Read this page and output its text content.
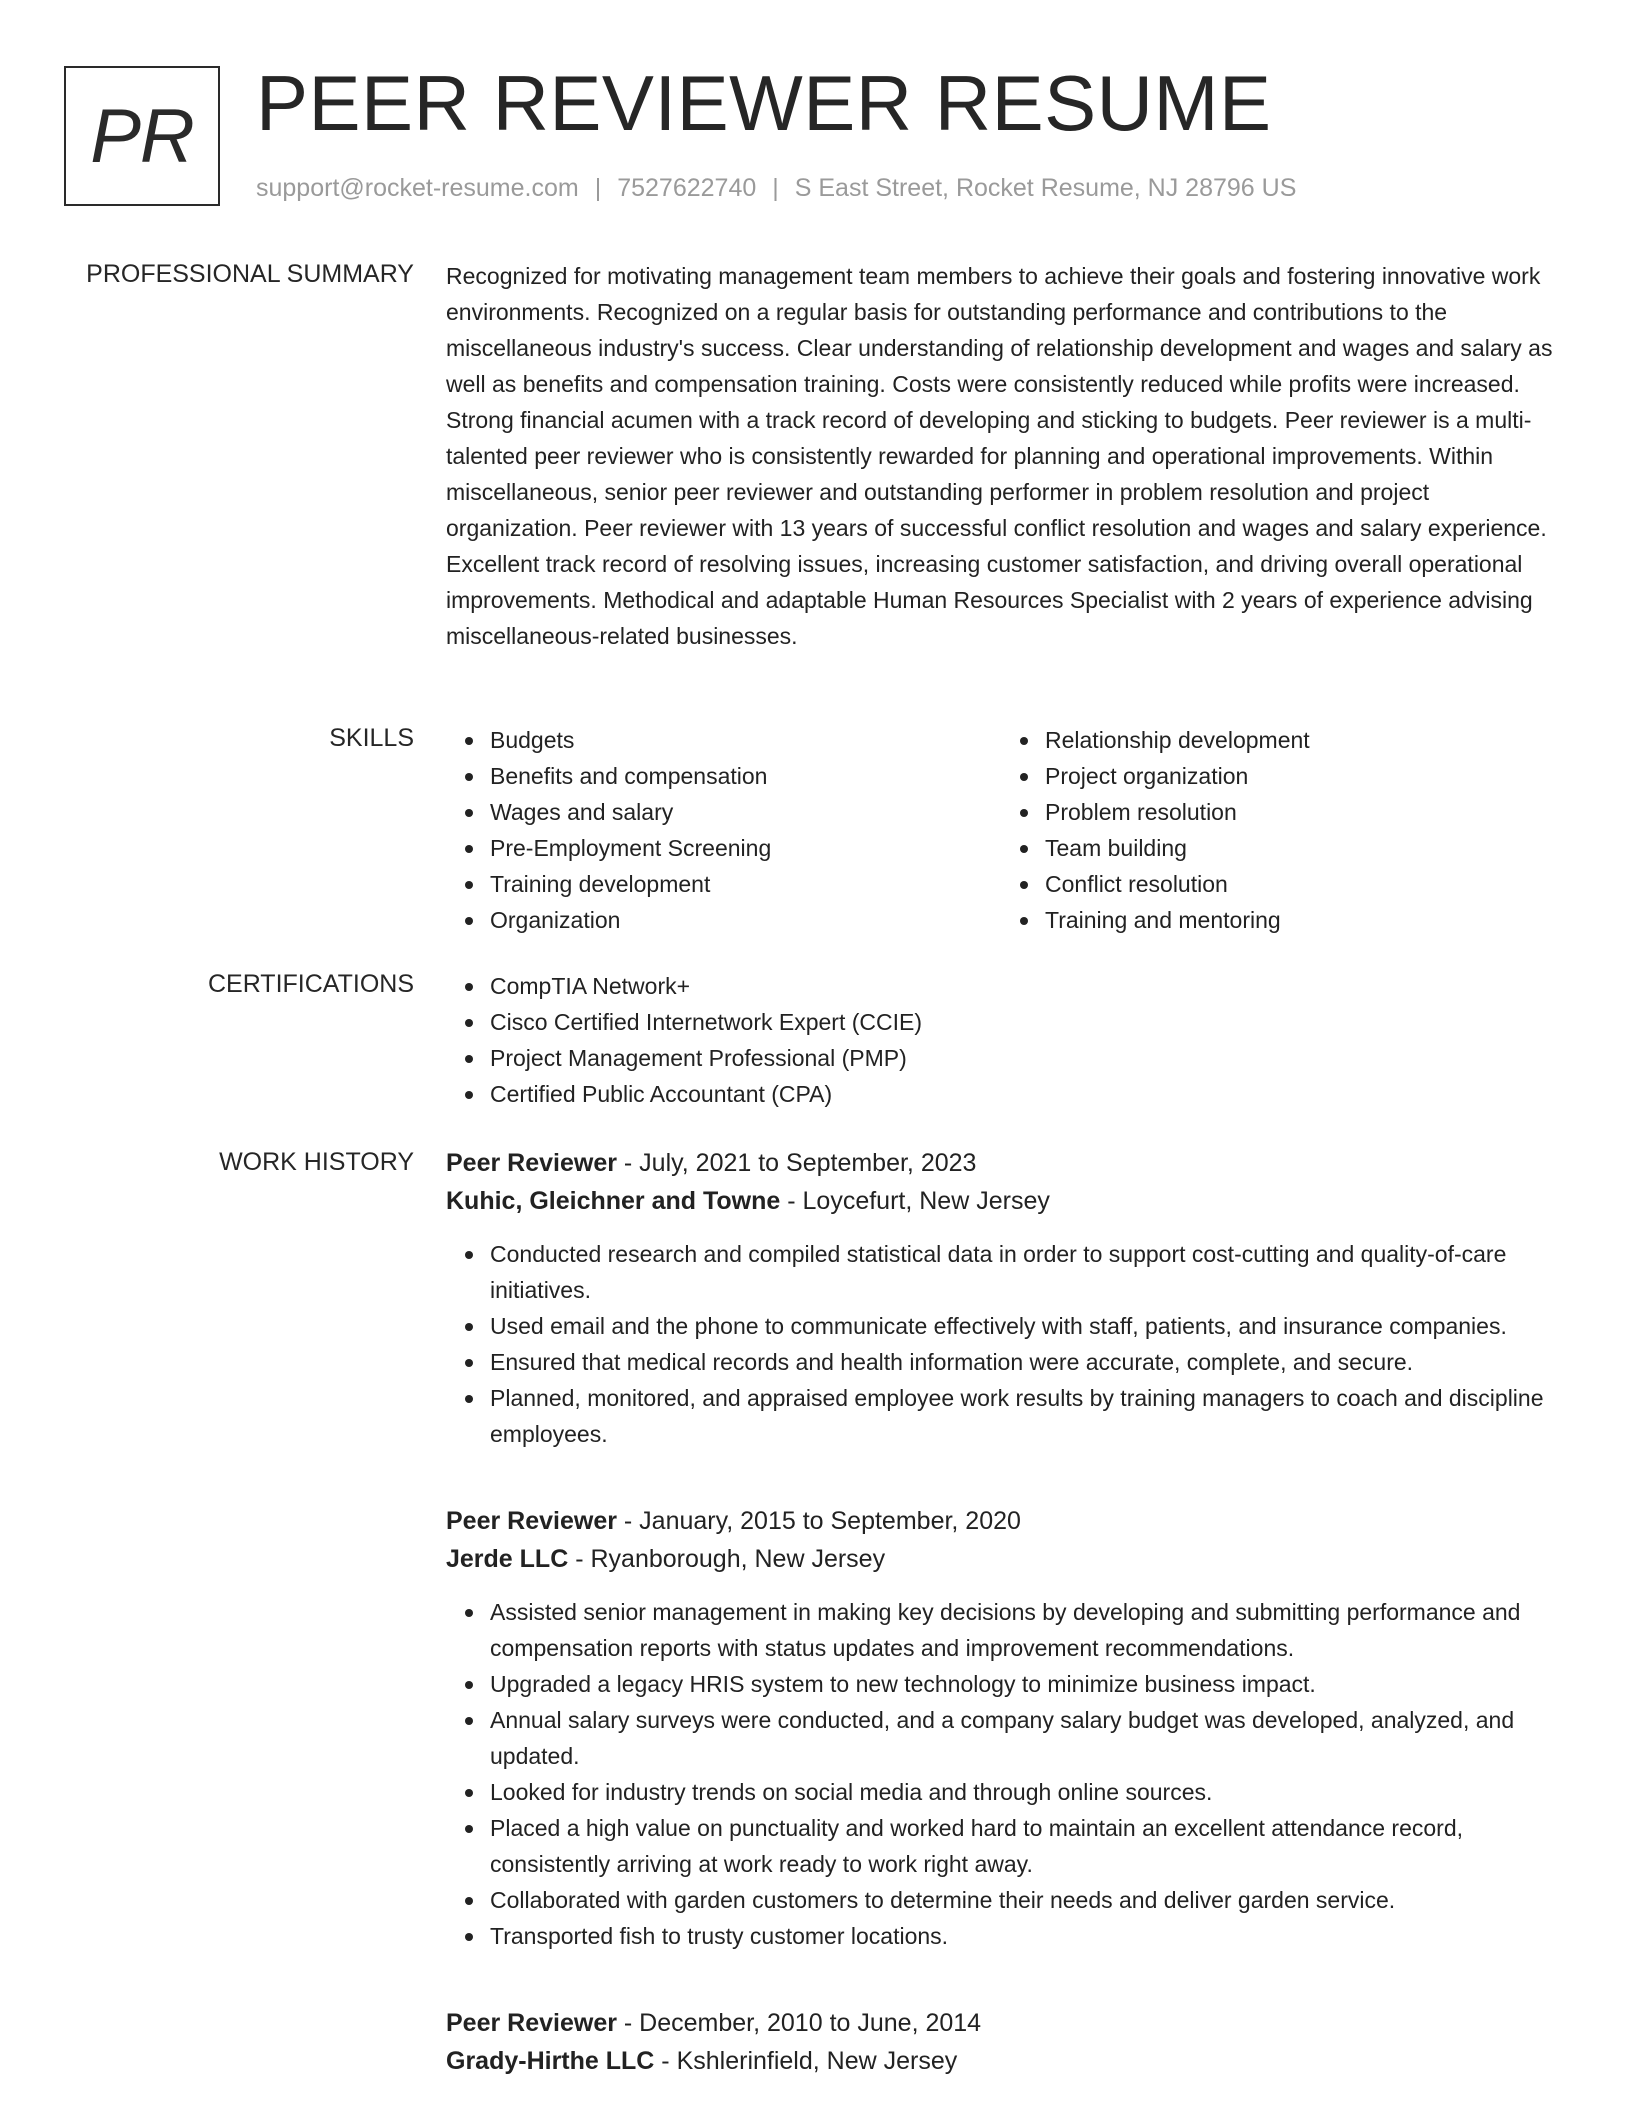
PR PEER REVIEWER RESUME
support@rocket-resume.com | 7527622740 | S East Street, Rocket Resume, NJ 28796 US
PROFESSIONAL SUMMARY Recognized for motivating management team members to achieve their goals and fostering innovative work environments. Recognized on a regular basis for outstanding performance and contributions to the miscellaneous industry's success. Clear understanding of relationship development and wages and salary as well as benefits and compensation training. Costs were consistently reduced while profits were increased. Strong financial acumen with a track record of developing and sticking to budgets. Peer reviewer is a multi-talented peer reviewer who is consistently rewarded for planning and operational improvements. Within miscellaneous, senior peer reviewer and outstanding performer in problem resolution and project organization. Peer reviewer with 13 years of successful conflict resolution and wages and salary experience. Excellent track record of resolving issues, increasing customer satisfaction, and driving overall operational improvements. Methodical and adaptable Human Resources Specialist with 2 years of experience advising miscellaneous-related businesses.

SKILLS	Budgets
Benefits and compensation
Wages and salary
Pre-Employment Screening
Training development
Organization
Relationship development
Project organization
Problem resolution
Team building
Conflict resolution
Training and mentoring
CERTIFICATIONS	CompTIA Network+
Cisco Certified Internetwork Expert (CCIE)
Project Management Professional (PMP)
Certified Public Accountant (CPA)
WORK HISTORY Peer Reviewer - July, 2021 to September, 2023
Kuhic, Gleichner and Towne - Loycefurt, New Jersey
Conducted research and compiled statistical data in order to support cost-cutting and quality-of-care initiatives.
Used email and the phone to communicate effectively with staff, patients, and insurance companies.
Ensured that medical records and health information were accurate, complete, and secure.
Planned, monitored, and appraised employee work results by training managers to coach and discipline employees.
Peer Reviewer - January, 2015 to September, 2020
Jerde LLC - Ryanborough, New Jersey
Assisted senior management in making key decisions by developing and submitting performance and compensation reports with status updates and improvement recommendations.
Upgraded a legacy HRIS system to new technology to minimize business impact.
Annual salary surveys were conducted, and a company salary budget was developed, analyzed, and updated.
Looked for industry trends on social media and through online sources.
Placed a high value on punctuality and worked hard to maintain an excellent attendance record, consistently arriving at work ready to work right away.
Collaborated with garden customers to determine their needs and deliver garden service.
Transported fish to trusty customer locations.
Peer Reviewer - December, 2010 to June, 2014
Grady-Hirthe LLC - Kshlerinfield, New Jersey
